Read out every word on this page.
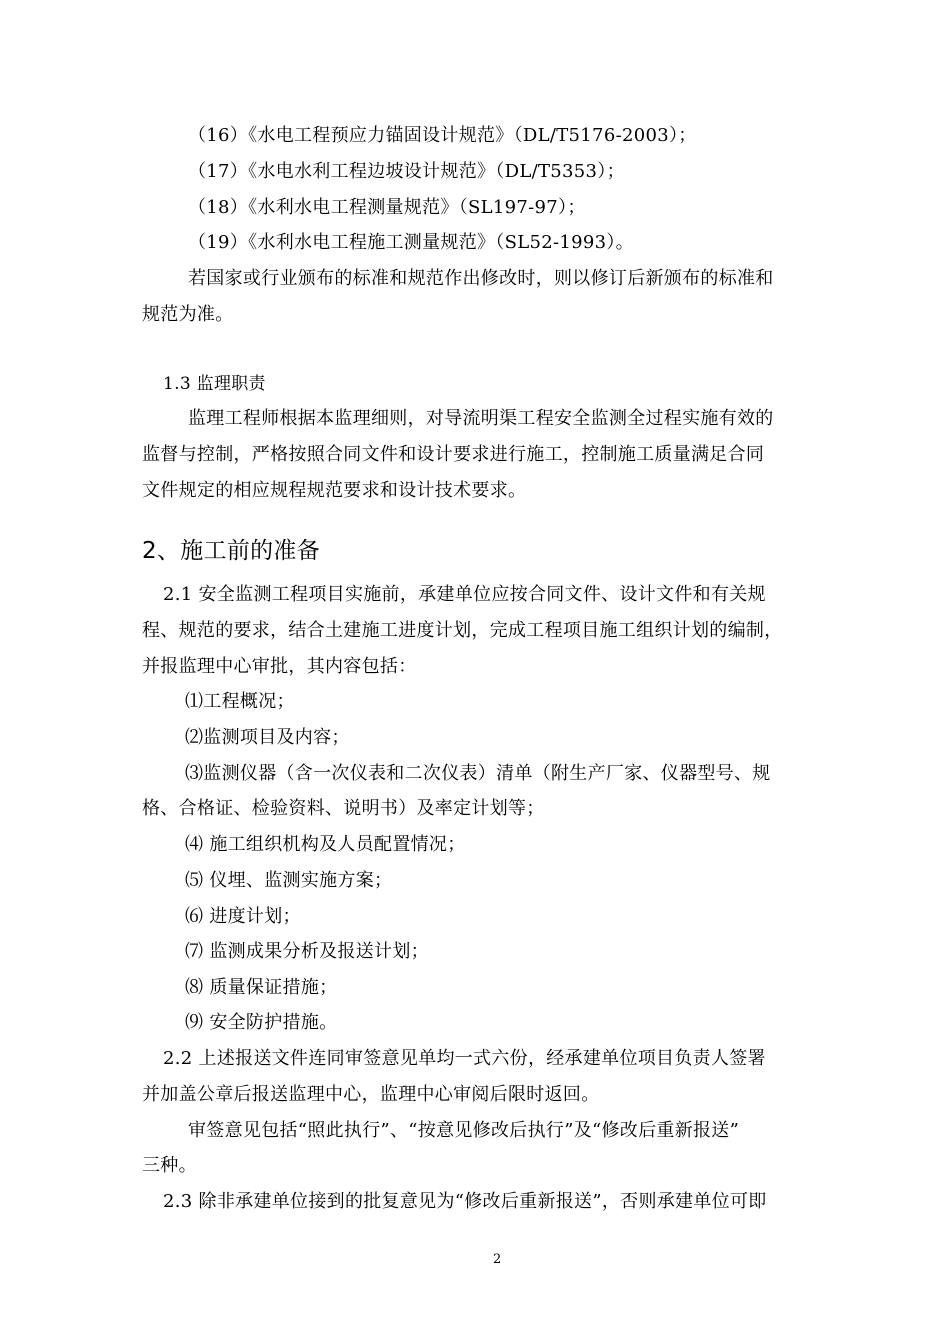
（16）《水电工程预应力锚固设计规范》（DL/T5176-2003）；
（17）《水电水利工程边坡设计规范》（DL/T5353）；
（18）《水利水电工程测量规范》（SL197-97）；
（19）《水利水电工程施工测量规范》（SL52-1993）。
若国家或行业颁布的标准和规范作出修改时，则以修订后新颁布的标准和
规范为准。
1.3 监理职责
监理工程师根据本监理细则，对导流明渠工程安全监测全过程实施有效的
监督与控制，严格按照合同文件和设计要求进行施工，控制施工质量满足合同
文件规定的相应规程规范要求和设计技术要求。
2、施工前的准备
2.1 安全监测工程项目实施前，承建单位应按合同文件、设计文件和有关规
程、规范的要求，结合土建施工进度计划，完成工程项目施工组织计划的编制，
并报监理中心审批，其内容包括：
⑴工程概况；
⑵监测项目及内容；
⑶监测仪器（含一次仪表和二次仪表）清单（附生产厂家、仪器型号、规
格、合格证、检验资料、说明书）及率定计划等；
⑷ 施工组织机构及人员配置情况；
⑸ 仪埋、监测实施方案；
⑹ 进度计划；
⑺ 监测成果分析及报送计划；
⑻ 质量保证措施；
⑼ 安全防护措施。
2.2 上述报送文件连同审签意见单均一式六份，经承建单位项目负责人签署
并加盖公章后报送监理中心，监理中心审阅后限时返回。
审签意见包括“照此执行”、“按意见修改后执行”及“修改后重新报送”
三种。
2.3 除非承建单位接到的批复意见为“修改后重新报送”，否则承建单位可即
2
